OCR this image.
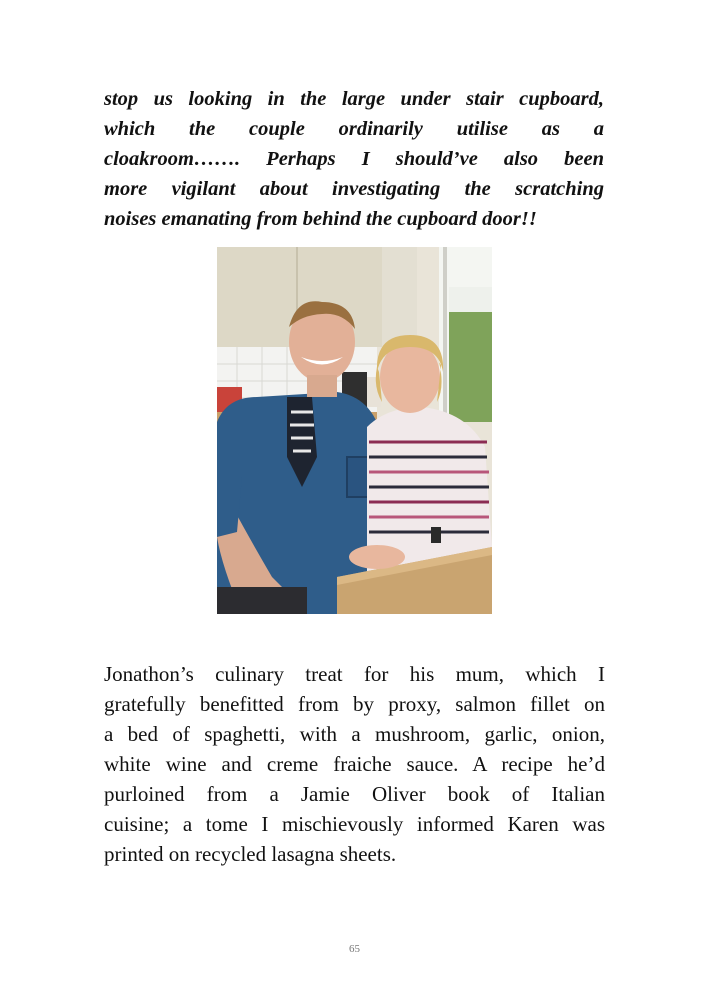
stop us looking in the large under stair cupboard,
which the couple ordinarily utilise as a
cloakroom……. Perhaps I should’ve also been
more vigilant about investigating the scratching
noises emanating from behind the cupboard door!!
Jonathon’s culinary treat for his mum, which I
gratefully benefitted from by proxy, salmon fillet on
a bed of spaghetti, with a mushroom, garlic, onion,
white wine and creme fraiche sauce. A recipe he’d
purloined from a Jamie Oliver book of Italian
cuisine; a tome I mischievously informed Karen was
printed on recycled lasagna sheets.
65
